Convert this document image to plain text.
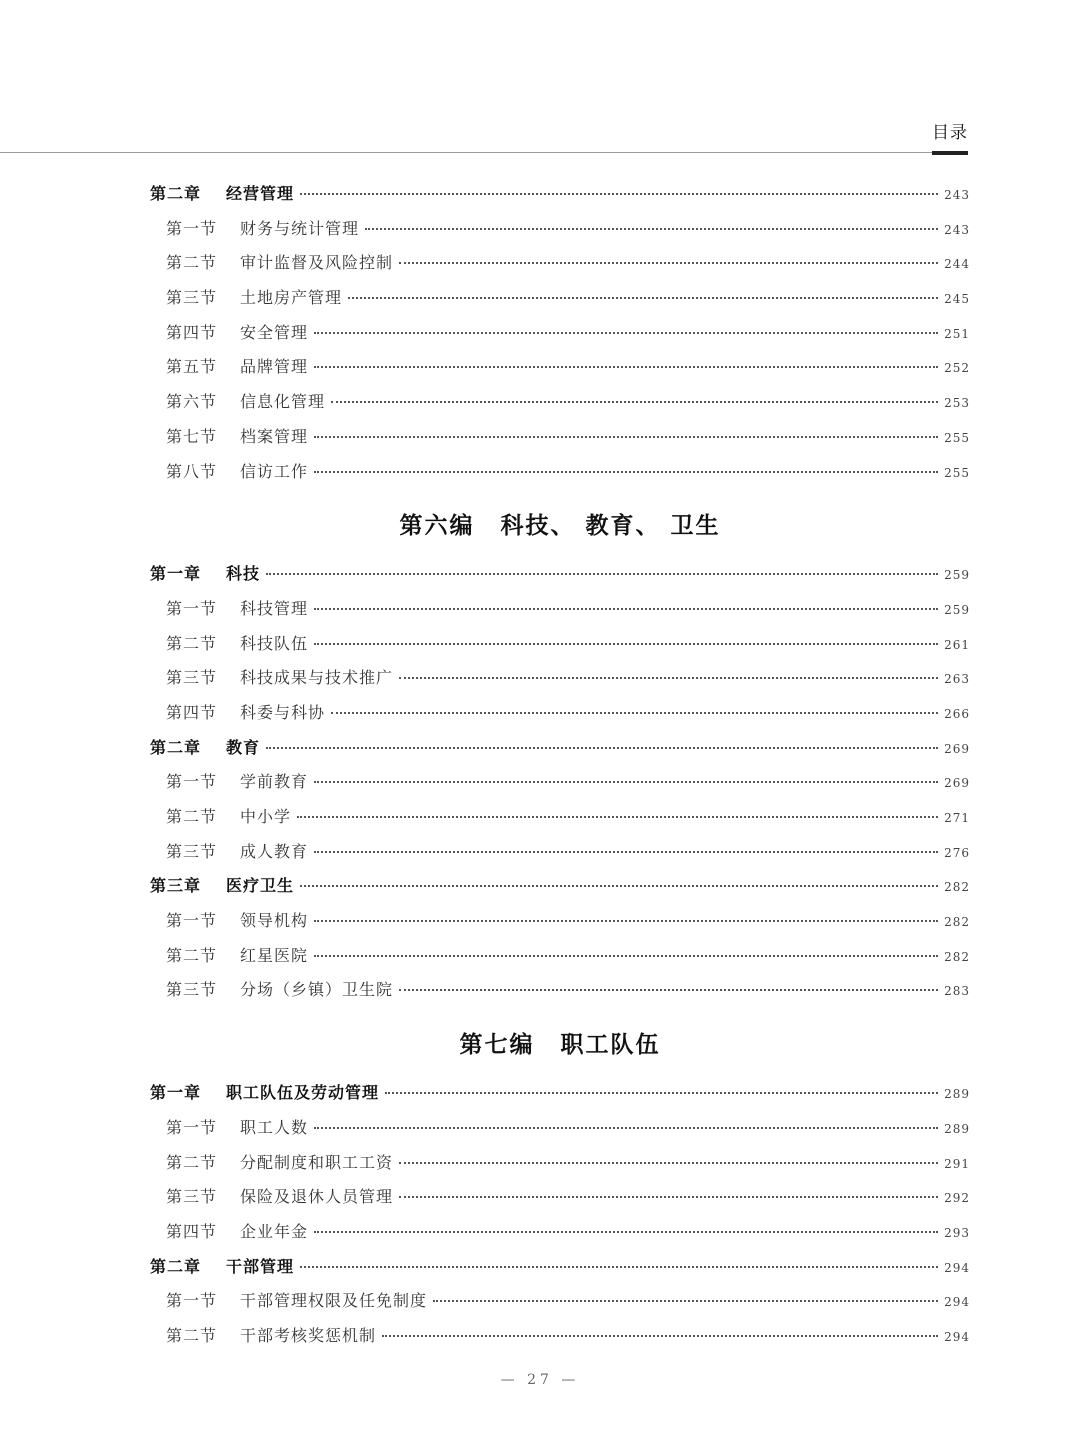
目录
第二章	经营管理	243
第一节	财务与统计管理	243
第二节	审计监督及风险控制	244
第三节	土地房产管理	245
第四节	安全管理	251
第五节	品牌管理	252
第六节	信息化管理	253
第七节	档案管理	255
第八节	信访工作	255
第六编 科技、 教育、 卫生
第一章	科技	259
第一节	科技管理	259
第二节	科技队伍	261
第三节	科技成果与技术推广	263
第四节	科委与科协	266
第二章	教育	269
第一节	学前教育	269
第二节	中小学	271
第三节	成人教育	276
第三章	医疗卫生	282
第一节	领导机构	282
第二节	红星医院	282
第三节	分场（乡镇）卫生院	283
第七编 职工队伍
第一章	职工队伍及劳动管理	289
第一节	职工人数	289
第二节	分配制度和职工工资	291
第三节	保险及退休人员管理	292
第四节	企业年金	293
第二章	干部管理	294
第一节	干部管理权限及任免制度	294
第二节	干部考核奖惩机制	294
— 27 —
